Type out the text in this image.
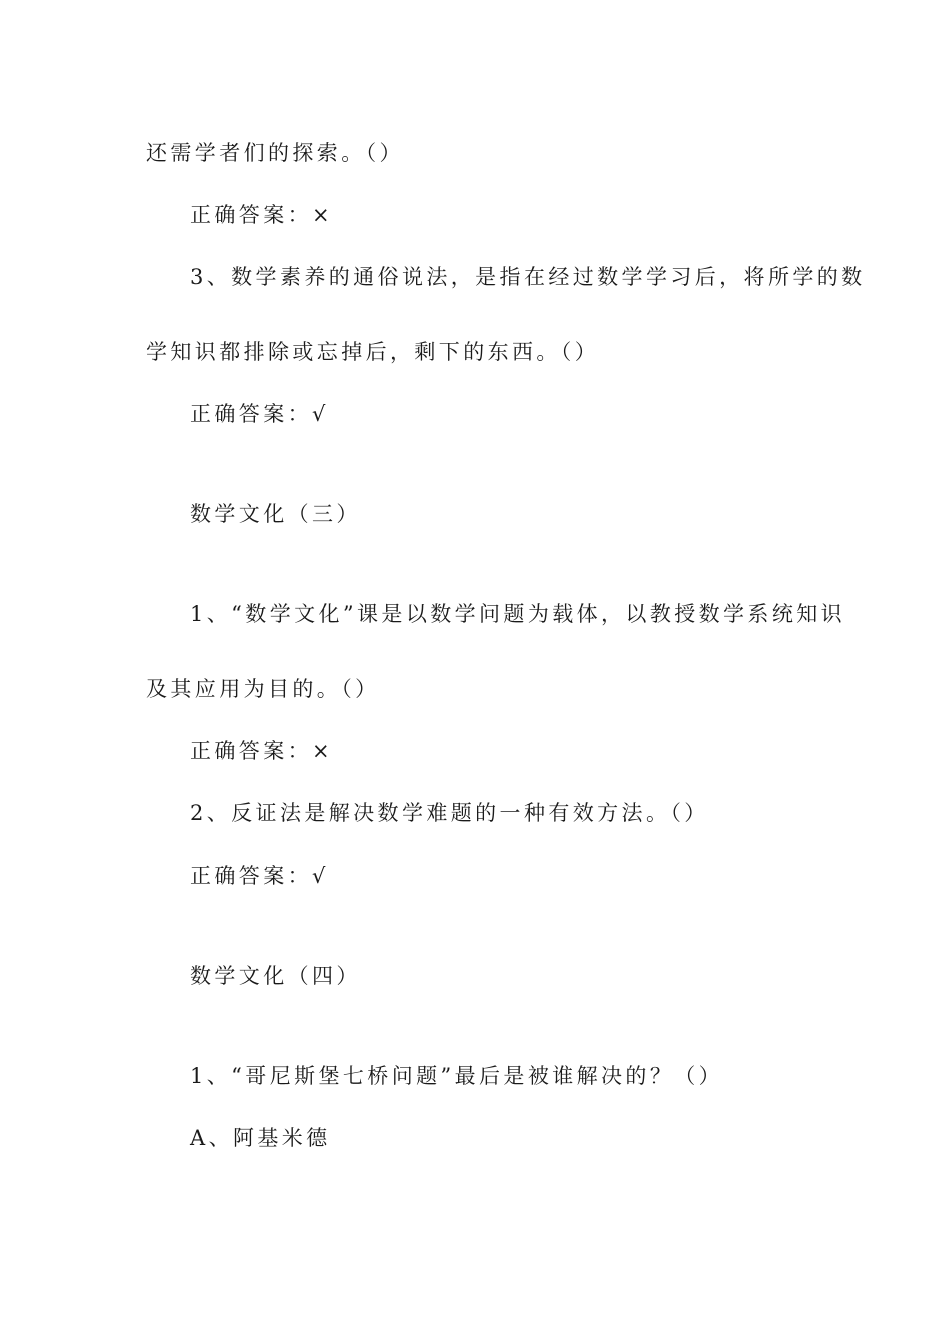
还需学者们的探索。（）
正确答案：×
3、数学素养的通俗说法，是指在经过数学学习后，将所学的数
学知识都排除或忘掉后，剩下的东西。（）
正确答案：√
数学文化（三）
1、“数学文化”课是以数学问题为载体，以教授数学系统知识
及其应用为目的。（）
正确答案：×
2、反证法是解决数学难题的一种有效方法。（）
正确答案：√
数学文化（四）
1、“哥尼斯堡七桥问题”最后是被谁解决的？（）
A、阿基米德
